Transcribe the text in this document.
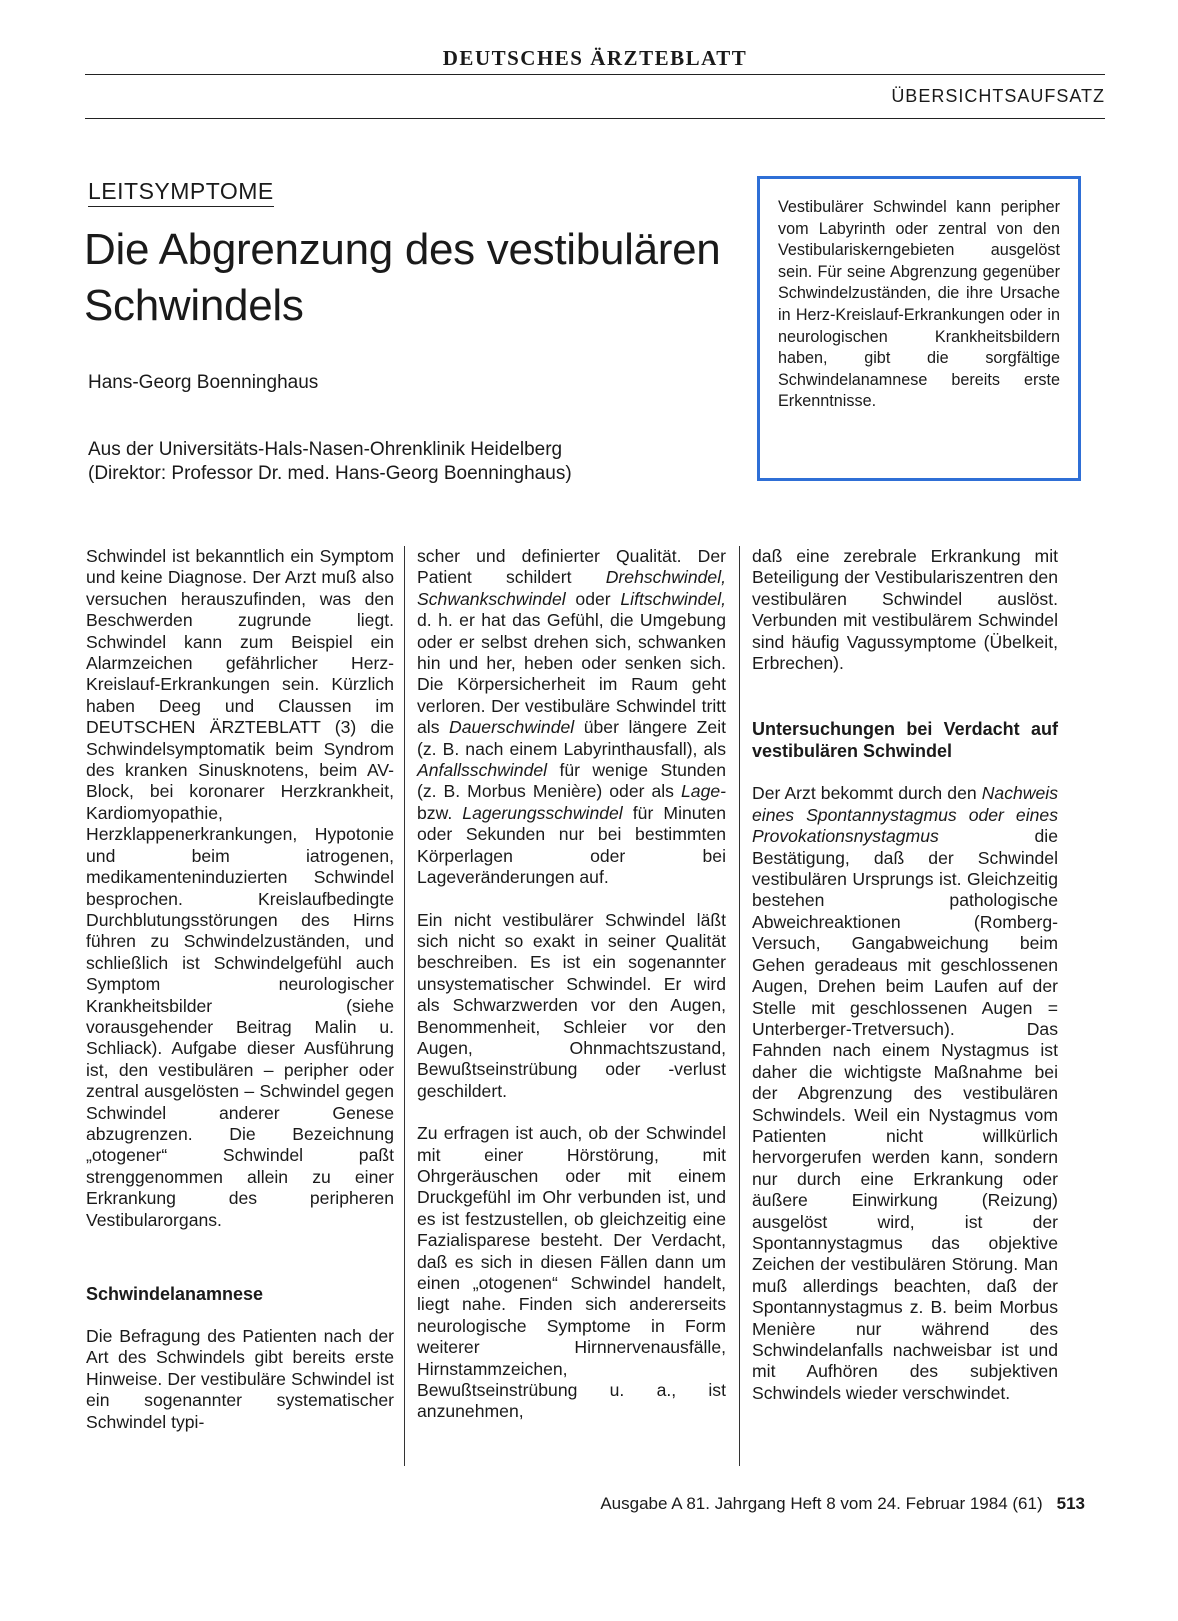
DEUTSCHES ÄRZTEBLATT
ÜBERSICHTSAUFSATZ
LEITSYMPTOME
Die Abgrenzung des vestibulären Schwindels
Hans-Georg Boenninghaus
Aus der Universitäts-Hals-Nasen-Ohrenklinik Heidelberg
(Direktor: Professor Dr. med. Hans-Georg Boenninghaus)
Vestibulärer Schwindel kann peripher vom Labyrinth oder zentral von den Vestibulariskerngebieten ausgelöst sein. Für seine Abgrenzung gegenüber Schwindelzuständen, die ihre Ursache in Herz-Kreislauf-Erkrankungen oder in neurologischen Krankheitsbildern haben, gibt die sorgfältige Schwindelanamnese bereits erste Erkenntnisse.

Schwindel ist bekanntlich ein Symptom und keine Diagnose. Der Arzt muß also versuchen herauszufinden, was den Beschwerden zugrunde liegt. Schwindel kann zum Beispiel ein Alarmzeichen gefährlicher Herz-Kreislauf-Erkrankungen sein. Kürzlich haben Deeg und Claussen im DEUTSCHEN ÄRZTEBLATT (3) die Schwindelsymptomatik beim Syndrom des kranken Sinusknotens, beim AV-Block, bei koronarer Herzkrankheit, Kardiomyopathie, Herzklappenerkrankungen, Hypotonie und beim iatrogenen, medikamenteninduzierten Schwindel besprochen. Kreislaufbedingte Durchblutungsstörungen des Hirns führen zu Schwindelzuständen, und schließlich ist Schwindelgefühl auch Symptom neurologischer Krankheitsbilder (siehe vorausgehender Beitrag Malin u. Schliack). Aufgabe dieser Ausführung ist, den vestibulären – peripher oder zentral ausgelösten – Schwindel gegen Schwindel anderer Genese abzugrenzen. Die Bezeichnung „otogener“ Schwindel paßt strenggenommen allein zu einer Erkrankung des peripheren Vestibularorgans.

Schwindelanamnese

Die Befragung des Patienten nach der Art des Schwindels gibt bereits erste Hinweise. Der vestibuläre Schwindel ist ein sogenannter systematischer Schwindel typi-

scher und definierter Qualität. Der Patient schildert Drehschwindel, Schwankschwindel oder Liftschwindel, d. h. er hat das Gefühl, die Umgebung oder er selbst drehen sich, schwanken hin und her, heben oder senken sich. Die Körpersicherheit im Raum geht verloren. Der vestibuläre Schwindel tritt als Dauerschwindel über längere Zeit (z. B. nach einem Labyrinthausfall), als Anfallsschwindel für wenige Stunden (z. B. Morbus Menière) oder als Lage- bzw. Lagerungsschwindel für Minuten oder Sekunden nur bei bestimmten Körperlagen oder bei Lageveränderungen auf.

Ein nicht vestibulärer Schwindel läßt sich nicht so exakt in seiner Qualität beschreiben. Es ist ein sogenannter unsystematischer Schwindel. Er wird als Schwarzwerden vor den Augen, Benommenheit, Schleier vor den Augen, Ohnmachtszustand, Bewußtseinstrübung oder -verlust geschildert.

Zu erfragen ist auch, ob der Schwindel mit einer Hörstörung, mit Ohrgeräuschen oder mit einem Druckgefühl im Ohr verbunden ist, und es ist festzustellen, ob gleichzeitig eine Fazialisparese besteht. Der Verdacht, daß es sich in diesen Fällen dann um einen „otogenen“ Schwindel handelt, liegt nahe. Finden sich andererseits neurologische Symptome in Form weiterer Hirnnervenausfälle, Hirnstammzeichen, Bewußtseinstrübung u. a., ist anzunehmen,

daß eine zerebrale Erkrankung mit Beteiligung der Vestibulariszentren den vestibulären Schwindel auslöst. Verbunden mit vestibulärem Schwindel sind häufig Vagussymptome (Übelkeit, Erbrechen).

Untersuchungen bei Verdacht auf vestibulären Schwindel

Der Arzt bekommt durch den Nachweis eines Spontannystagmus oder eines Provokationsnystagmus die Bestätigung, daß der Schwindel vestibulären Ursprungs ist. Gleichzeitig bestehen pathologische Abweichreaktionen (Romberg-Versuch, Gangabweichung beim Gehen geradeaus mit geschlossenen Augen, Drehen beim Laufen auf der Stelle mit geschlossenen Augen = Unterberger-Tretversuch). Das Fahnden nach einem Nystagmus ist daher die wichtigste Maßnahme bei der Abgrenzung des vestibulären Schwindels. Weil ein Nystagmus vom Patienten nicht willkürlich hervorgerufen werden kann, sondern nur durch eine Erkrankung oder äußere Einwirkung (Reizung) ausgelöst wird, ist der Spontannystagmus das objektive Zeichen der vestibulären Störung. Man muß allerdings beachten, daß der Spontannystagmus z. B. beim Morbus Menière nur während des Schwindelanfalls nachweisbar ist und mit Aufhören des subjektiven Schwindels wieder verschwindet.

Ausgabe A 81. Jahrgang Heft 8 vom 24. Februar 1984 (61) 513
